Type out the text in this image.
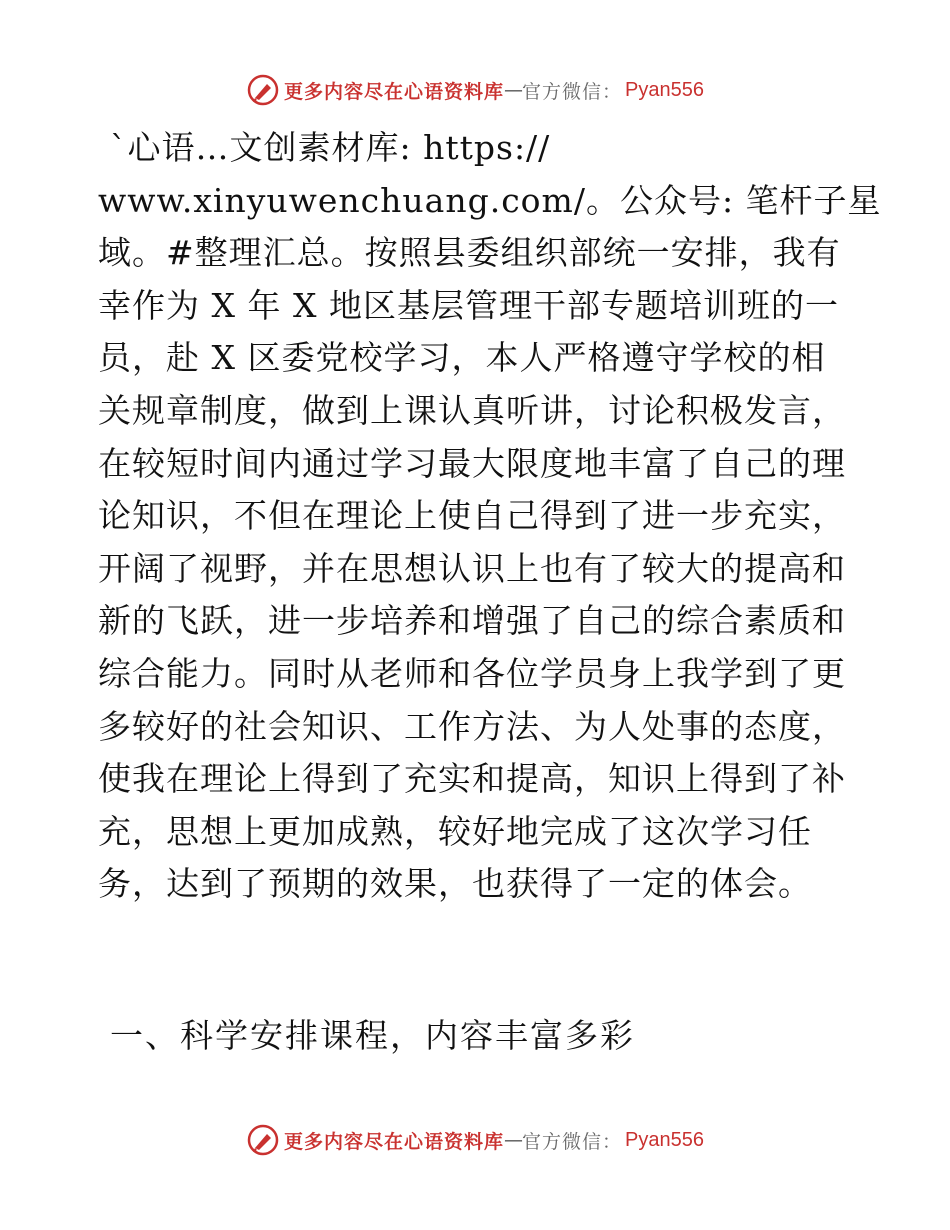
更多内容尽在心语资料库 — 官方微信 ： Pyan556
`心语…文创素材库: https://
www.xinyuwenchuang.com/。公众号: 笔杆子星
域。#整理汇总。按照县委组织部统一安排，我有
幸作为 X 年 X 地区基层管理干部专题培训班的一
员，赴 X 区委党校学习，本人严格遵守学校的相
关规章制度，做到上课认真听讲，讨论积极发言，
在较短时间内通过学习最大限度地丰富了自己的理
论知识，不但在理论上使自己得到了进一步充实，
开阔了视野，并在思想认识上也有了较大的提高和
新的飞跃，进一步培养和增强了自己的综合素质和
综合能力。同时从老师和各位学员身上我学到了更
多较好的社会知识、工作方法、为人处事的态度，
使我在理论上得到了充实和提高，知识上得到了补
充，思想上更加成熟，较好地完成了这次学习任
务，达到了预期的效果，也获得了一定的体会。
一、科学安排课程，内容丰富多彩
更多内容尽在心语资料库 — 官方微信 ： Pyan556
